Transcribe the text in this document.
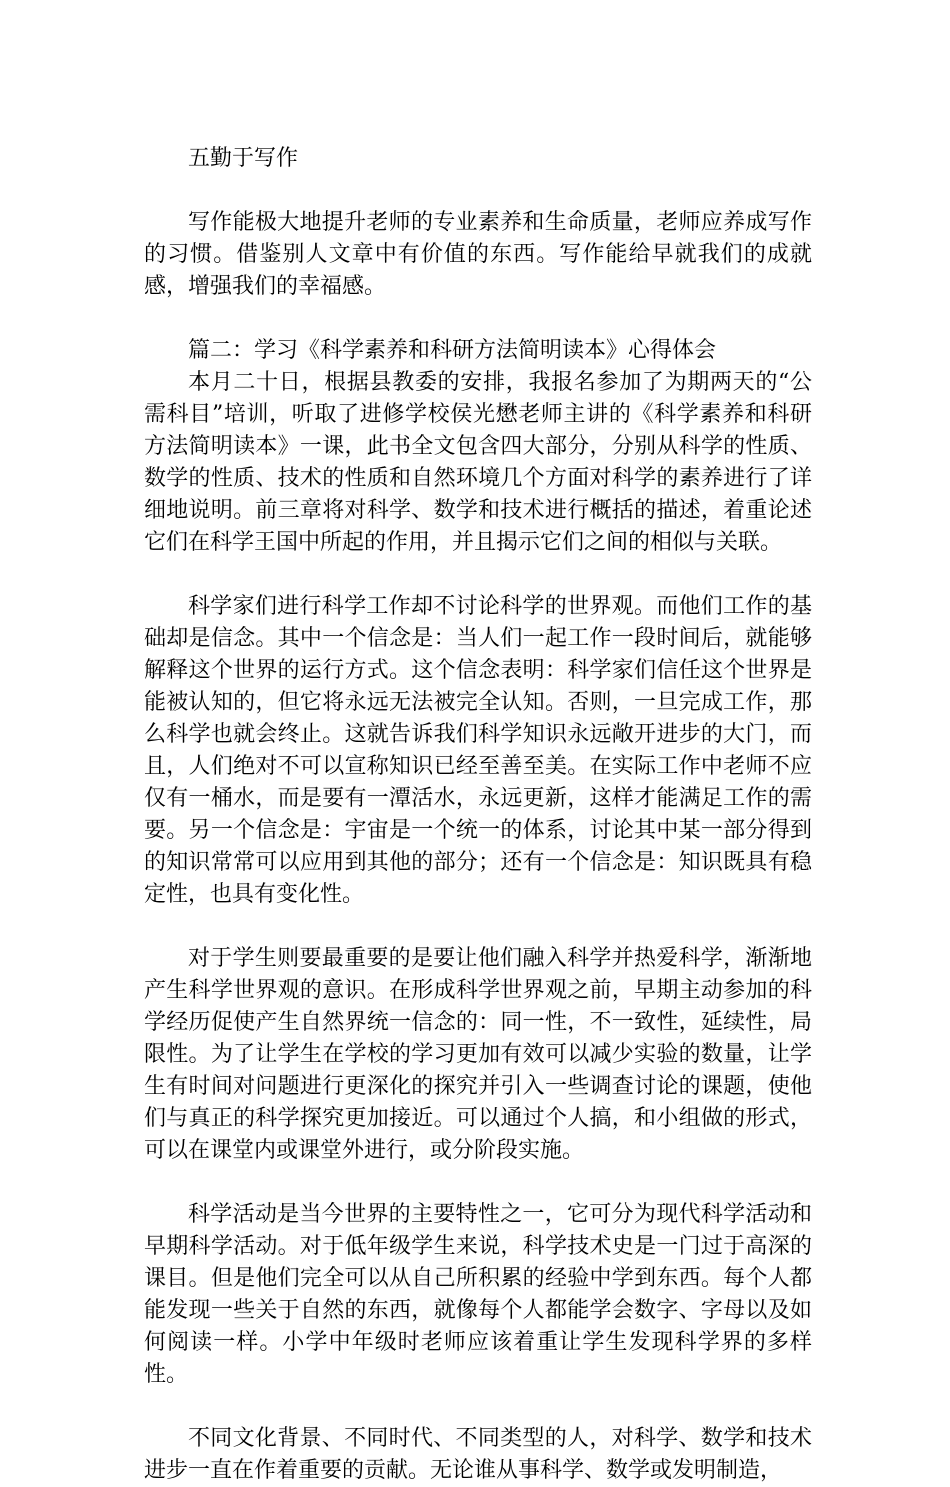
五勤于写作

写作能极大地提升老师的专业素养和生命质量，老师应养成写作的习惯。借鉴别人文章中有价值的东西。写作能给早就我们的成就感，增强我们的幸福感。

篇二：学习《科学素养和科研方法简明读本》心得体会

本月二十日，根据县教委的安排，我报名参加了为期两天的“公需科目”培训，听取了进修学校侯光懋老师主讲的《科学素养和科研方法简明读本》一课，此书全文包含四大部分，分别从科学的性质、数学的性质、技术的性质和自然环境几个方面对科学的素养进行了详细地说明。前三章将对科学、数学和技术进行概括的描述，着重论述它们在科学王国中所起的作用，并且揭示它们之间的相似与关联。

科学家们进行科学工作却不讨论科学的世界观。而他们工作的基础却是信念。其中一个信念是：当人们一起工作一段时间后，就能够解释这个世界的运行方式。这个信念表明：科学家们信任这个世界是能被认知的，但它将永远无法被完全认知。否则，一旦完成工作，那么科学也就会终止。这就告诉我们科学知识永远敞开进步的大门，而且，人们绝对不可以宣称知识已经至善至美。在实际工作中老师不应仅有一桶水，而是要有一潭活水，永远更新，这样才能满足工作的需要。另一个信念是：宇宙是一个统一的体系，讨论其中某一部分得到的知识常常可以应用到其他的部分；还有一个信念是：知识既具有稳定性，也具有变化性。

对于学生则要最重要的是要让他们融入科学并热爱科学，渐渐地产生科学世界观的意识。在形成科学世界观之前，早期主动参加的科学经历促使产生自然界统一信念的：同一性，不一致性，延续性，局限性。为了让学生在学校的学习更加有效可以减少实验的数量，让学生有时间对问题进行更深化的探究并引入一些调查讨论的课题，使他们与真正的科学探究更加接近。可以通过个人搞，和小组做的形式，可以在课堂内或课堂外进行，或分阶段实施。

科学活动是当今世界的主要特性之一，它可分为现代科学活动和早期科学活动。对于低年级学生来说，科学技术史是一门过于高深的课目。但是他们完全可以从自己所积累的经验中学到东西。每个人都能发现一些关于自然的东西，就像每个人都能学会数字、字母以及如何阅读一样。小学中年级时老师应该着重让学生发现科学界的多样性。

不同文化背景、不同时代、不同类型的人，对科学、数学和技术进步一直在作着重要的贡献。无论谁从事科学、数学或发明制造，
